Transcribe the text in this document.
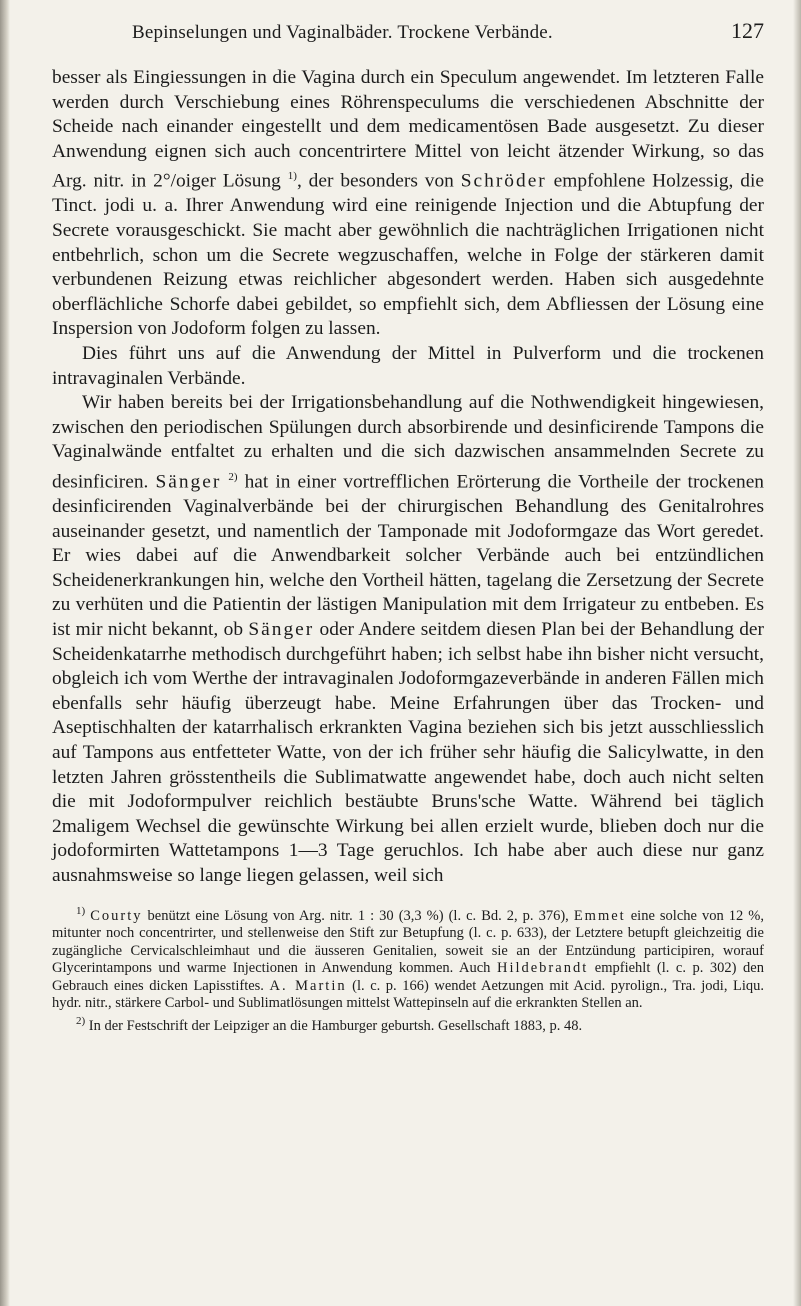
Bepinselungen und Vaginalbäder. Trockene Verbände.	127

besser als Eingiessungen in die Vagina durch ein Speculum angewendet. Im letzteren Falle werden durch Verschiebung eines Röhrenspeculums die verschiedenen Abschnitte der Scheide nach einander eingestellt und dem medicamentösen Bade ausgesetzt. Zu dieser Anwendung eignen sich auch concentrirtere Mittel von leicht ätzender Wirkung, so das Arg. nitr. in 2°/oiger Lösung $^{1)}$, der besonders von Schröder empfohlene Holzessig, die Tinct. jodi u. a. Ihrer Anwendung wird eine reinigende Injection und die Abtupfung der Secrete vorausgeschickt. Sie macht aber gewöhnlich die nachträglichen Irrigationen nicht entbehrlich, schon um die Secrete wegzuschaffen, welche in Folge der stärkeren damit verbundenen Reizung etwas reichlicher abgesondert werden. Haben sich ausgedehnte oberflächliche Schorfe dabei gebildet, so empfiehlt sich, dem Abfliessen der Lösung eine Inspersion von Jodoform folgen zu lassen.

Dies führt uns auf die Anwendung der Mittel in Pulverform und die trockenen intravaginalen Verbände.

Wir haben bereits bei der Irrigationsbehandlung auf die Nothwendigkeit hingewiesen, zwischen den periodischen Spülungen durch absorbirende und desinficirende Tampons die Vaginalwände entfaltet zu erhalten und die sich dazwischen ansammelnden Secrete zu desinficiren. Sänger $^{2)}$ hat in einer vortrefflichen Erörterung die Vortheile der trockenen desinficirenden Vaginalverbände bei der chirurgischen Behandlung des Genitalrohres auseinander gesetzt, und namentlich der Tamponade mit Jodoformgaze das Wort geredet. Er wies dabei auf die Anwendbarkeit solcher Verbände auch bei entzündlichen Scheidenerkrankungen hin, welche den Vortheil hätten, tagelang die Zersetzung der Secrete zu verhüten und die Patientin der lästigen Manipulation mit dem Irrigateur zu entbeben. Es ist mir nicht bekannt, ob Sänger oder Andere seitdem diesen Plan bei der Behandlung der Scheidenkatarrhe methodisch durchgeführt haben; ich selbst habe ihn bisher nicht versucht, obgleich ich vom Werthe der intravaginalen Jodoformgazeverbände in anderen Fällen mich ebenfalls sehr häufig überzeugt habe. Meine Erfahrungen über das Trocken- und Aseptischhalten der katarrhalisch erkrankten Vagina beziehen sich bis jetzt ausschliesslich auf Tampons aus entfetteter Watte, von der ich früher sehr häufig die Salicylwatte, in den letzten Jahren grösstentheils die Sublimatwatte angewendet habe, doch auch nicht selten die mit Jodoformpulver reichlich bestäubte Bruns'sche Watte. Während bei täglich 2maligem Wechsel die gewünschte Wirkung bei allen erzielt wurde, blieben doch nur die jodoformirten Wattetampons 1—3 Tage geruchlos. Ich habe aber auch diese nur ganz ausnahmsweise so lange liegen gelassen, weil sich

$^{1)}$ Courty benützt eine Lösung von Arg. nitr. 1 : 30 (3,3 %) (l. c. Bd. 2, p. 376), Emmet eine solche von 12 %, mitunter noch concentrirter, und stellenweise den Stift zur Betupfung (l. c. p. 633), der Letztere betupft gleichzeitig die zugängliche Cervicalschleimhaut und die äusseren Genitalien, soweit sie an der Entzündung participiren, worauf Glycerintampons und warme Injectionen in Anwendung kommen. Auch Hildebrandt empfiehlt (l. c. p. 302) den Gebrauch eines dicken Lapisstiftes. A. Martin (l. c. p. 166) wendet Aetzungen mit Acid. pyrolign., Tra. jodi, Liqu. hydr. nitr., stärkere Carbol- und Sublimatlösungen mittelst Wattepinseln auf die erkrankten Stellen an.

$^{2)}$ In der Festschrift der Leipziger an die Hamburger geburtsh. Gesellschaft 1883, p. 48.
